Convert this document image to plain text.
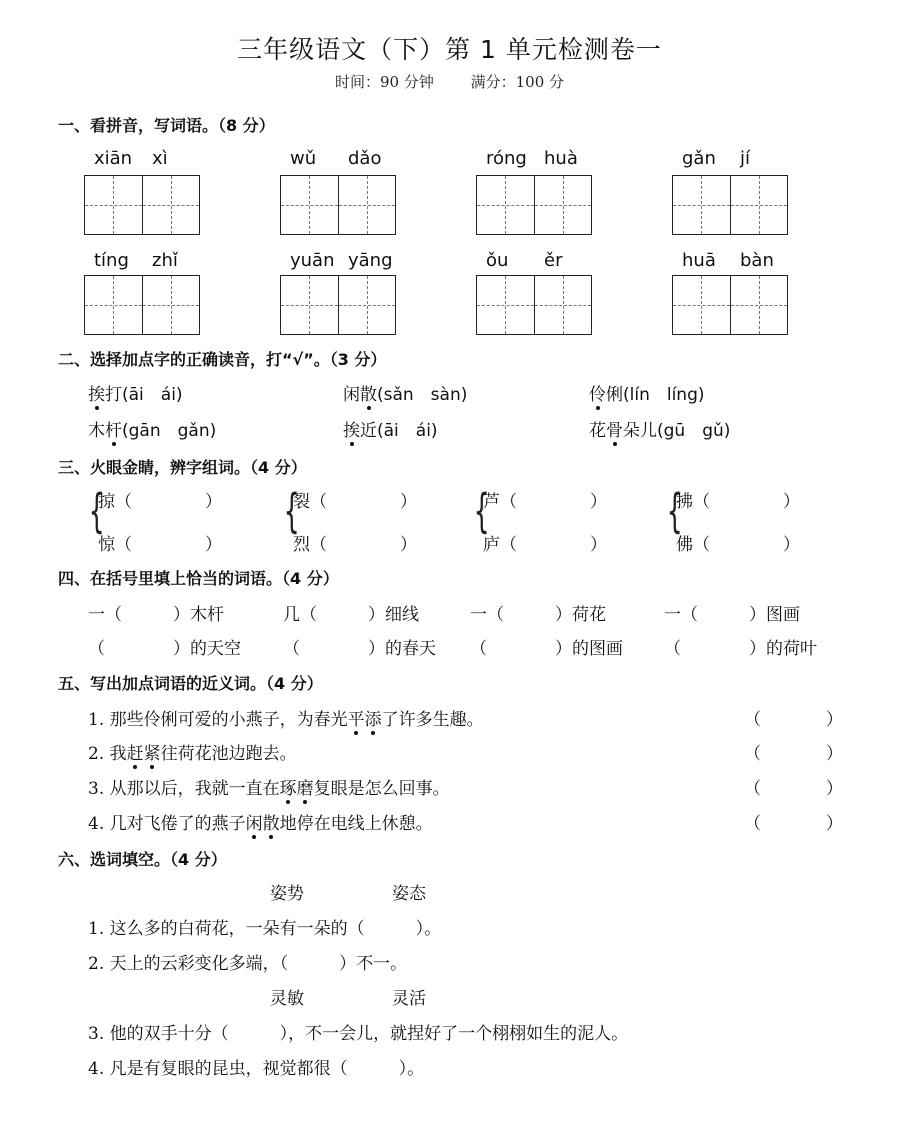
三年级语文（下）第 1 单元检测卷一
时间：90 分钟 满分：100 分
一、看拼音，写词语。（8 分）
xiān xì	wǔ dǎo	róng huà	gǎn jí
tíng zhǐ	yuān yāng	ǒu ěr	huā bàn
二、选择加点字的正确读音，打“√”。（3 分）
挨打(āi　ái)	闲散(sǎn　sàn)	伶俐(lín　líng)
木杆(gān　gǎn)	挨近(āi　ái)	花骨朵儿(gū　gǔ)
三、火眼金睛，辨字组词。（4 分）
{
掠（	）
惊（	）
{
裂（	）
烈（	）
{
芦（	）
庐（	）
{
拂（	）
佛（	）
四、在括号里填上恰当的词语。（4 分）
一（　　　）木杆	几（　　　）细线	一（　　　）荷花	一（　　　）图画
（　　　　）的天空 （　　　　）的春天 （　　　　）的图画 （　　　　）的荷叶
五、写出加点词语的近义词。（4 分）
1. 那些伶俐可爱的小燕子，为春光平添了许多生趣。
2. 我赶紧往荷花池边跑去。
3. 从那以后，我就一直在琢磨复眼是怎么回事。
4. 几对飞倦了的燕子闲散地停在电线上休憩。
（	）
（	）
（	）
（	）
六、选词填空。（4 分）
姿势	姿态
1. 这么多的白荷花，一朵有一朵的（　　　）。
2. 天上的云彩变化多端，（　　　）不一。
灵敏	灵活
3. 他的双手十分（　　　），不一会儿，就捏好了一个栩栩如生的泥人。
4. 凡是有复眼的昆虫，视觉都很（　　　）。
